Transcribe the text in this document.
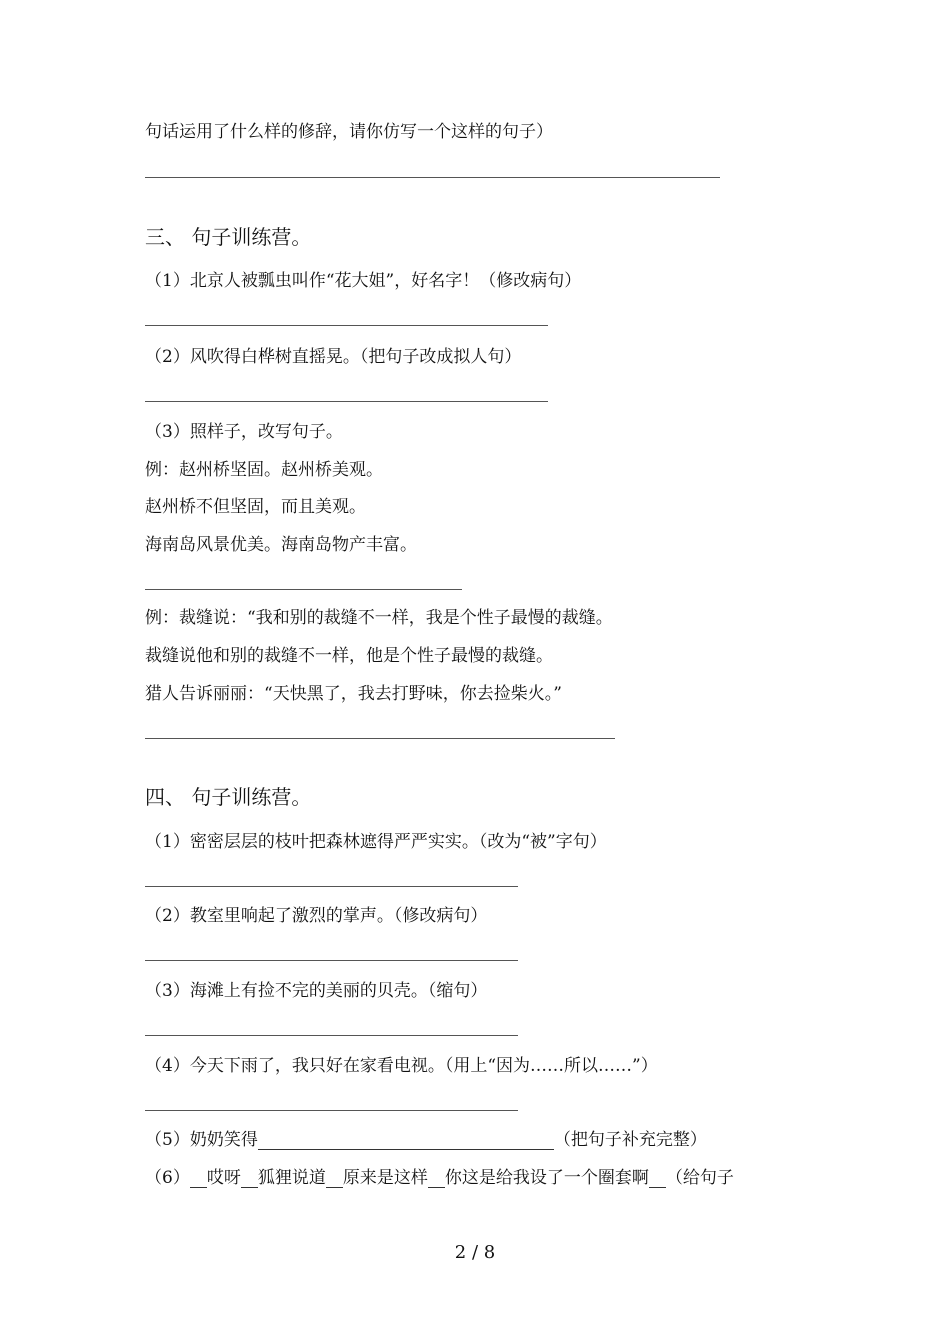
句话运用了什么样的修辞，请你仿写一个这样的句子）
三、 句子训练营。
（1）北京人被瓢虫叫作“花大姐”，好名字！（修改病句）
（2）风吹得白桦树直摇晃。（把句子改成拟人句）
（3）照样子，改写句子。
例：赵州桥坚固。赵州桥美观。
赵州桥不但坚固，而且美观。
海南岛风景优美。海南岛物产丰富。
例：裁缝说：“我和别的裁缝不一样，我是个性子最慢的裁缝。
裁缝说他和别的裁缝不一样，他是个性子最慢的裁缝。
猎人告诉丽丽：“天快黑了，我去打野味，你去捡柴火。”
四、 句子训练营。
（1）密密层层的枝叶把森林遮得严严实实。（改为“被”字句）
（2）教室里响起了激烈的掌声。（修改病句）
（3）海滩上有捡不完的美丽的贝壳。（缩句）
（4）今天下雨了，我只好在家看电视。（用上“因为……所以……”）
（5）奶奶笑得	（把句子补充完整）
（6） 哎呀 狐狸说道 原来是这样 你这是给我设了一个圈套啊 （给句子
2 / 8
